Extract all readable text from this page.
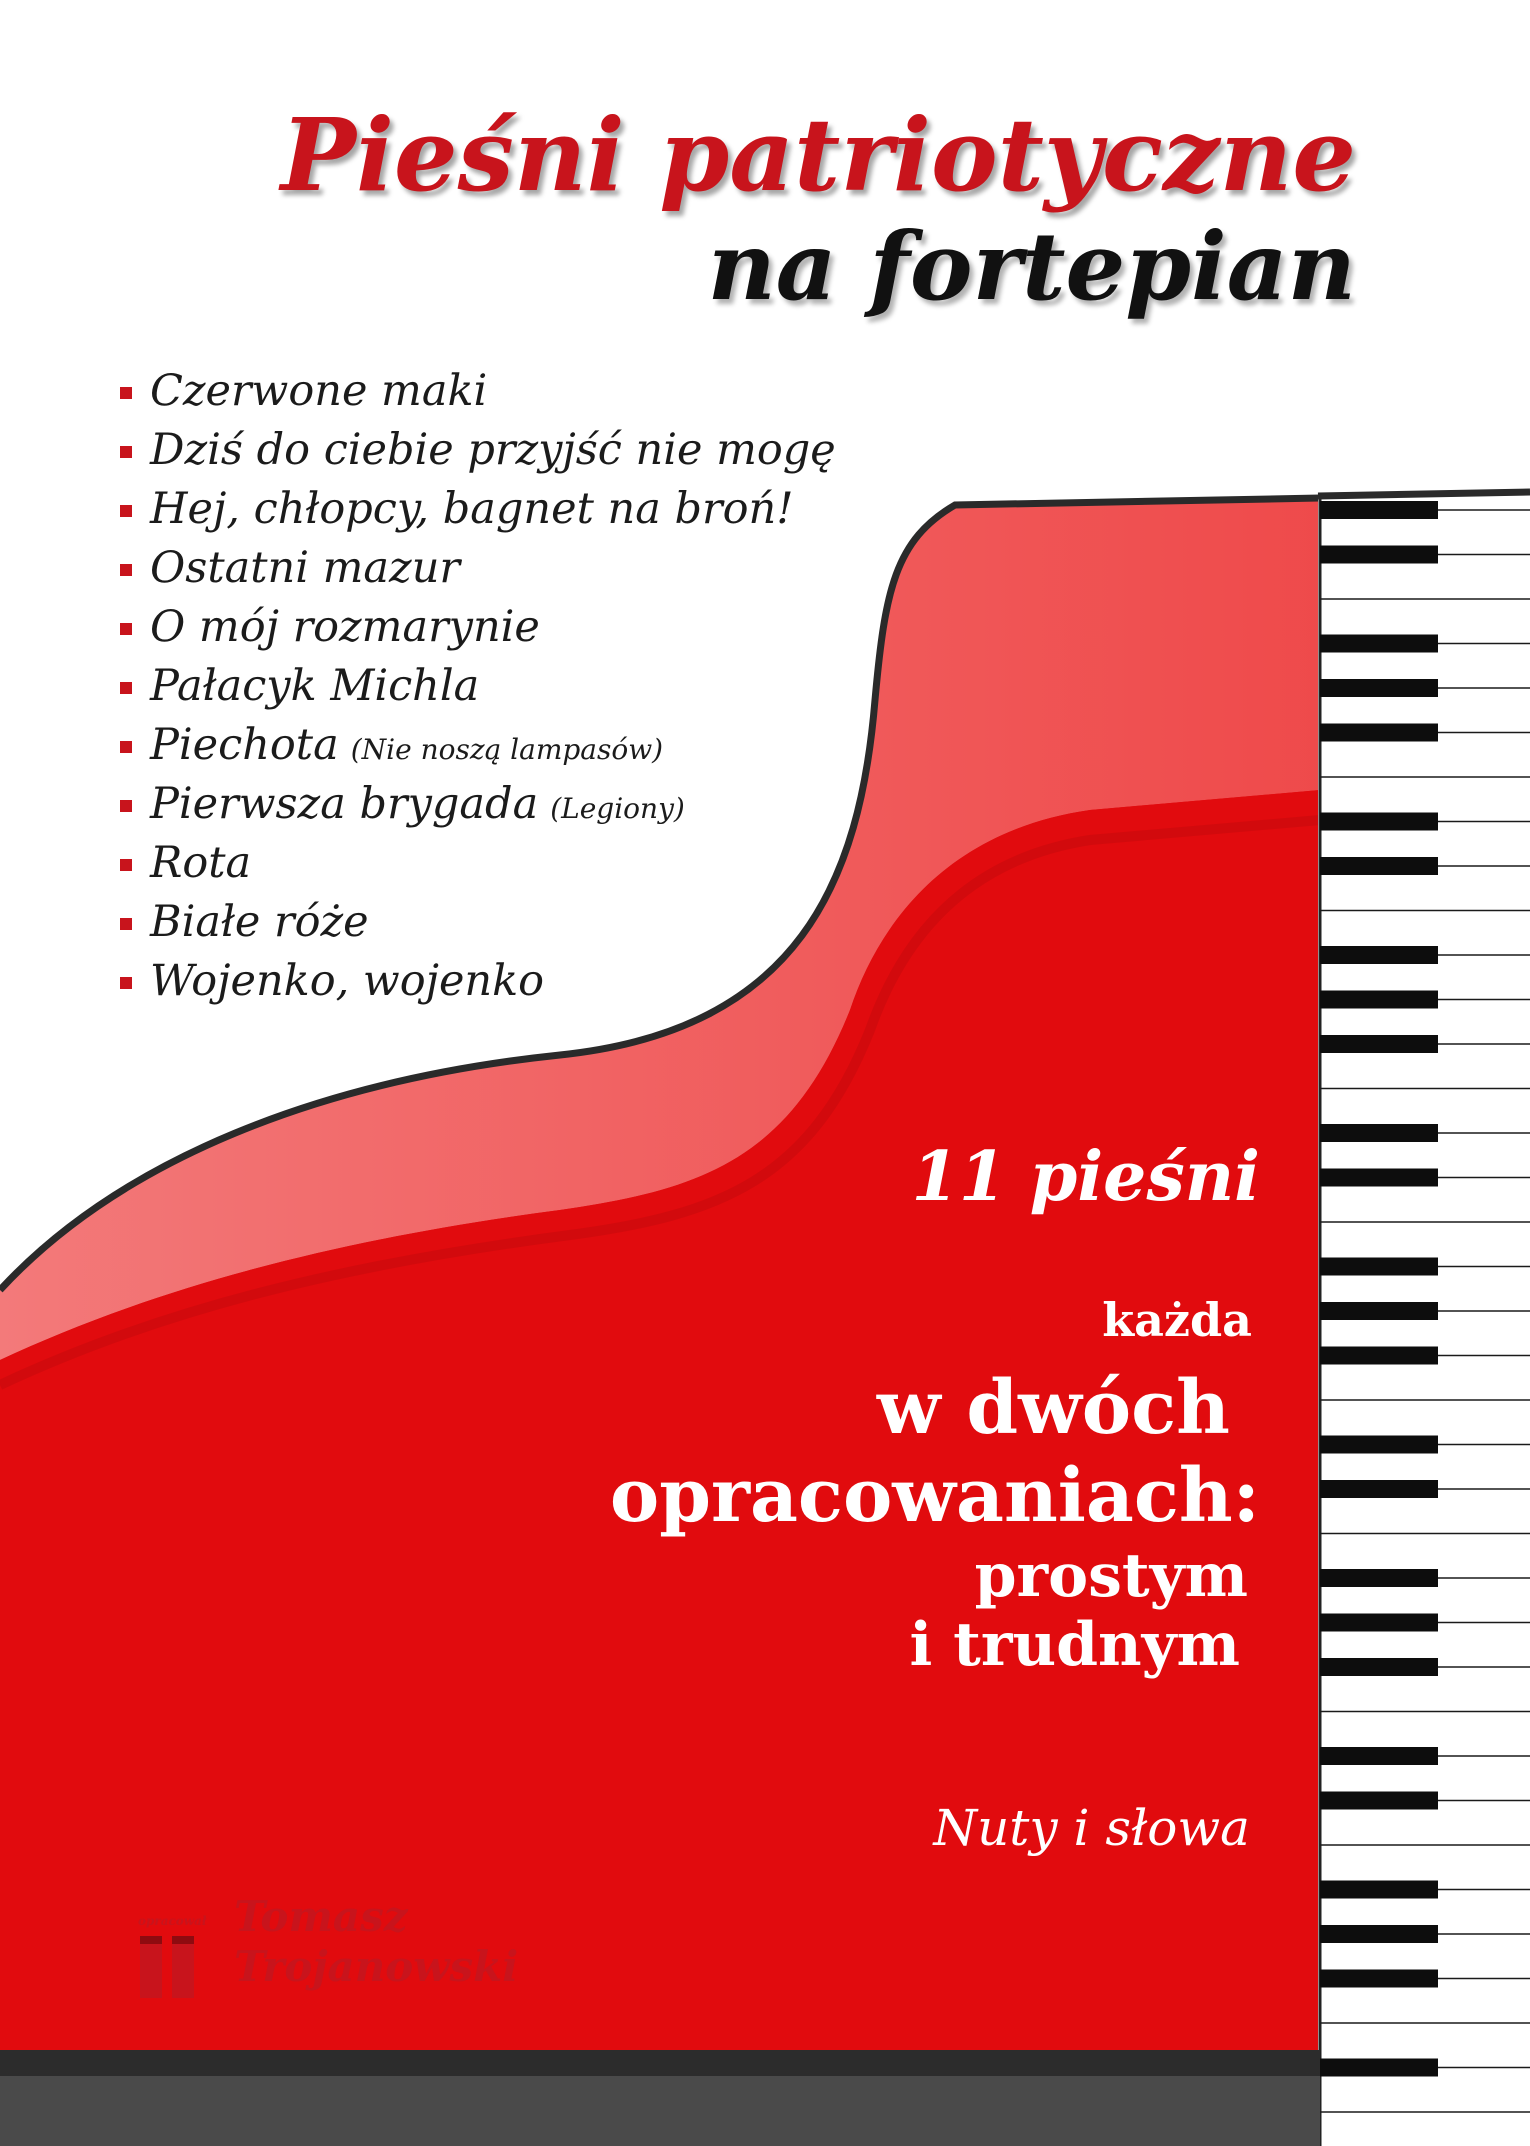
Pieśni patriotyczne
na fortepian
Czerwone maki
Dziś do ciebie przyjść nie mogę
Hej, chłopcy, bagnet na broń!
Ostatni mazur
O mój rozmarynie
Pałacyk Michla
Piechota (Nie noszą lampasów)
Pierwsza brygada (Legiony)
Rota
Białe róże
Wojenko, wojenko

11 pieśni

każda

w dwóch

opracowaniach:

prostym

i trudnym

Nuty i słowa

opracował Tomasz
Trojanowski
